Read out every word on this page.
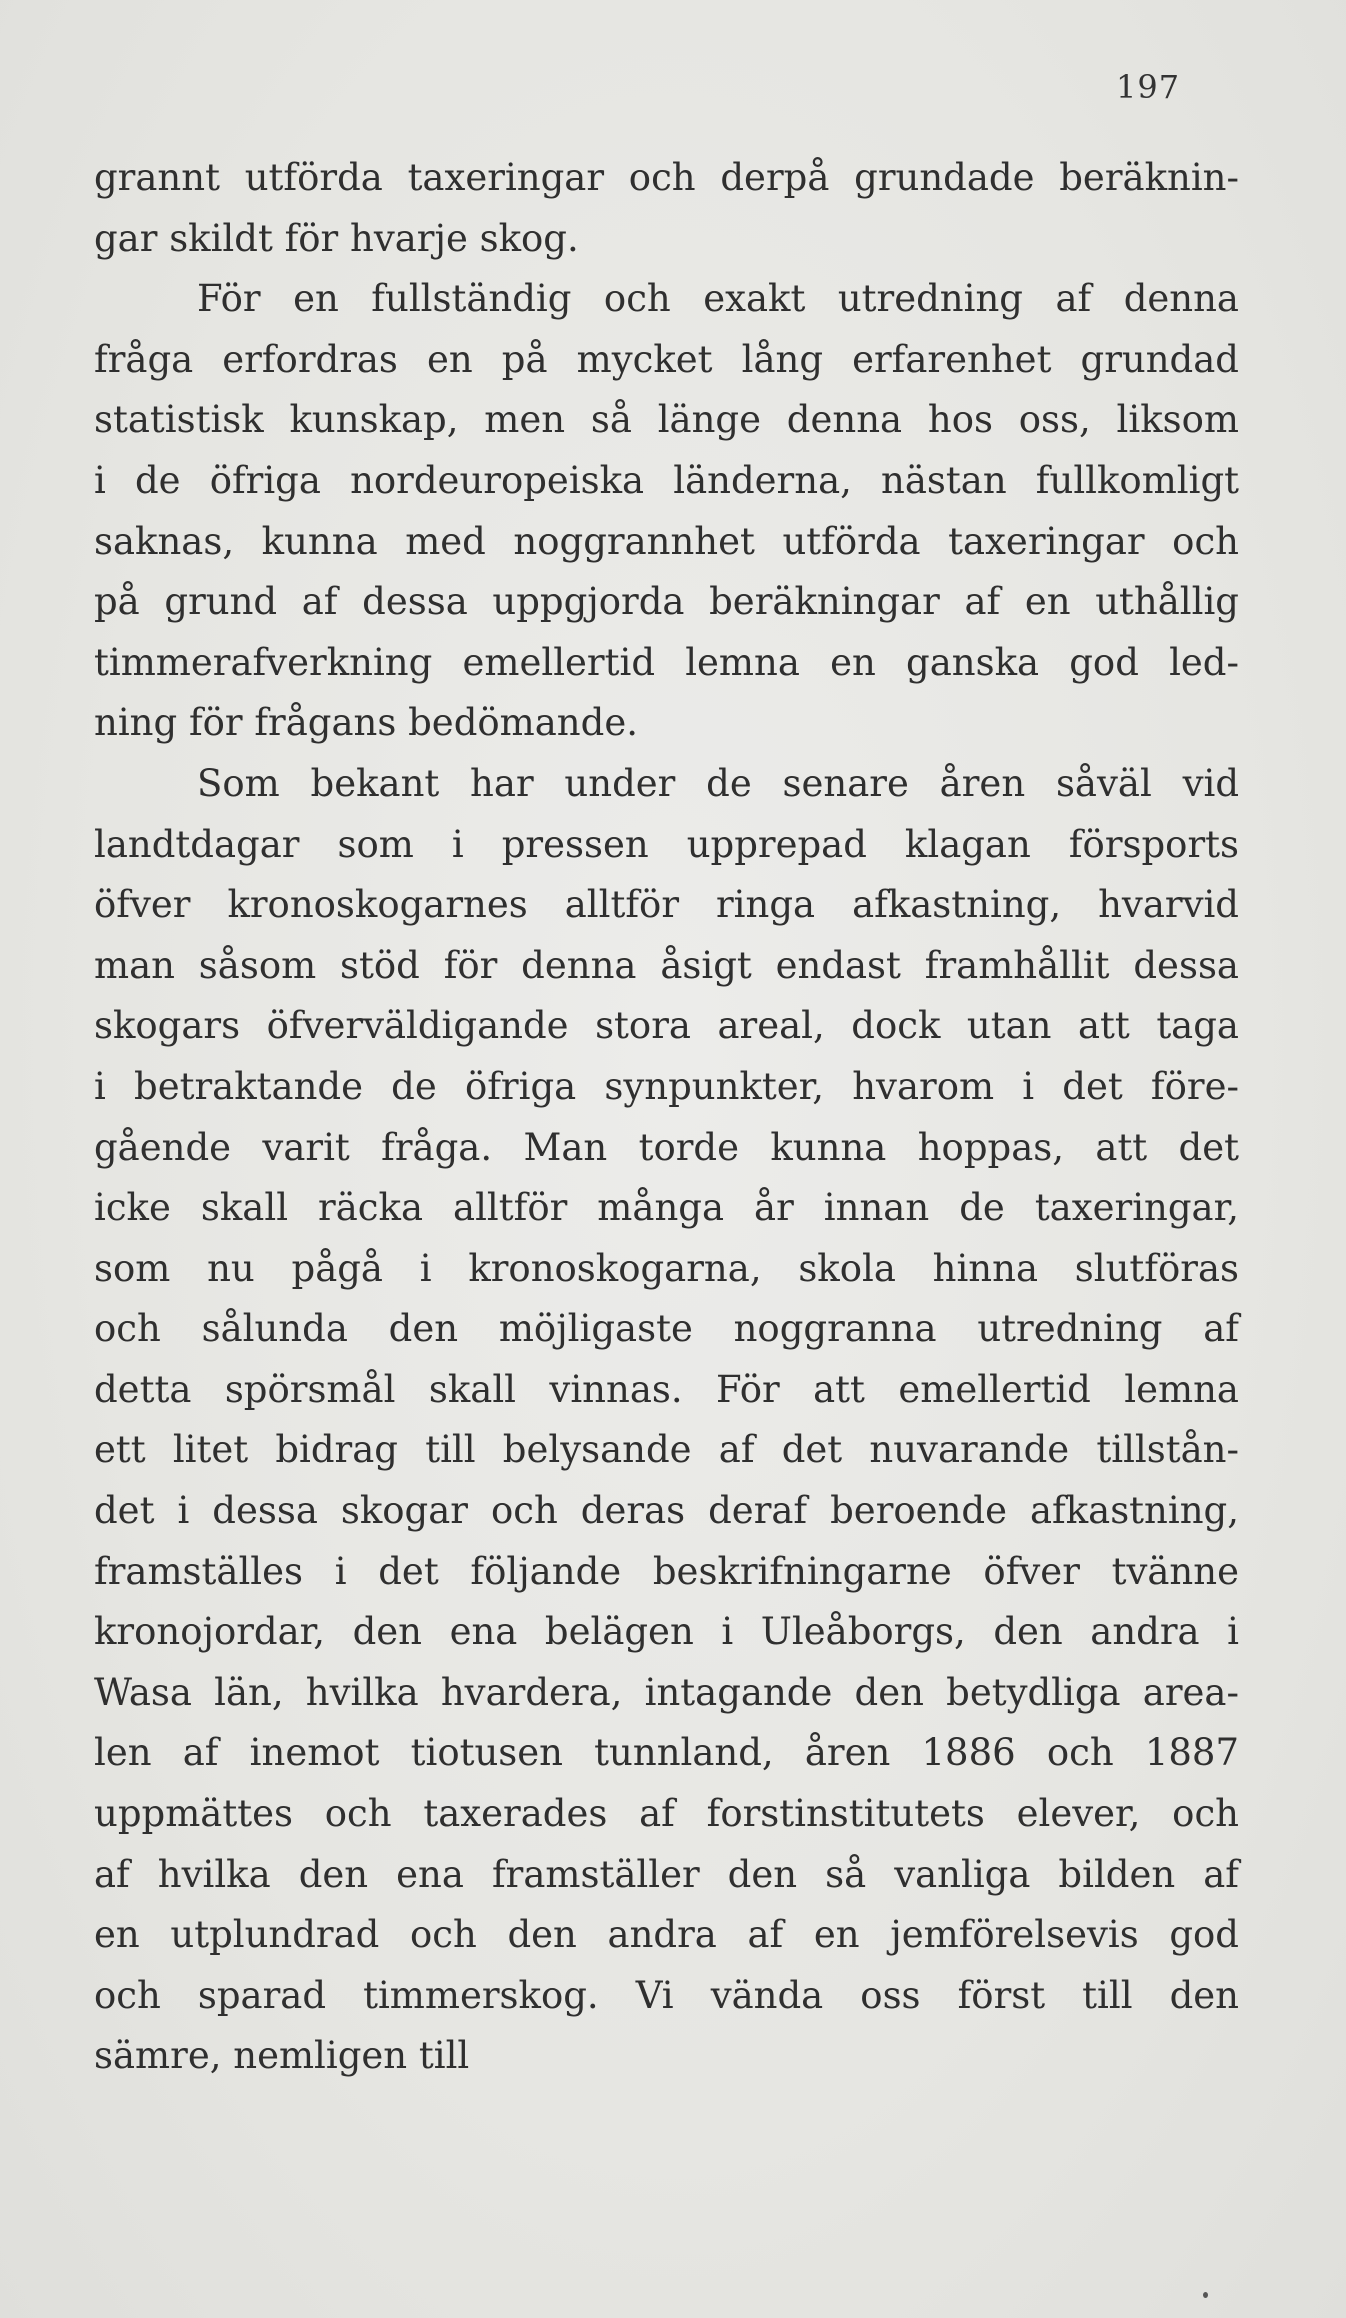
197
grannt utförda taxeringar och derpå grundade beräknin-
gar skildt för hvarje skog.
För en fullständig och exakt utredning af denna
fråga erfordras en på mycket lång erfarenhet grundad
statistisk kunskap, men så länge denna hos oss, liksom
i de öfriga nordeuropeiska länderna, nästan fullkomligt
saknas, kunna med noggrannhet utförda taxeringar och
på grund af dessa uppgjorda beräkningar af en uthållig
timmerafverkning emellertid lemna en ganska god led-
ning för frågans bedömande.
Som bekant har under de senare åren såväl vid
landtdagar som i pressen upprepad klagan försports
öfver kronoskogarnes alltför ringa afkastning, hvarvid
man såsom stöd för denna åsigt endast framhållit dessa
skogars öfverväldigande stora areal, dock utan att taga
i betraktande de öfriga synpunkter, hvarom i det före-
gående varit fråga. Man torde kunna hoppas, att det
icke skall räcka alltför många år innan de taxeringar,
som nu pågå i kronoskogarna, skola hinna slutföras
och sålunda den möjligaste noggranna utredning af
detta spörsmål skall vinnas. För att emellertid lemna
ett litet bidrag till belysande af det nuvarande tillstån-
det i dessa skogar och deras deraf beroende afkastning,
framställes i det följande beskrifningarne öfver tvänne
kronojordar, den ena belägen i Uleåborgs, den andra i
Wasa län, hvilka hvardera, intagande den betydliga area-
len af inemot tiotusen tunnland, åren 1886 och 1887
uppmättes och taxerades af forstinstitutets elever, och
af hvilka den ena framställer den så vanliga bilden af
en utplundrad och den andra af en jemförelsevis god
och sparad timmerskog. Vi vända oss först till den
sämre, nemligen till
